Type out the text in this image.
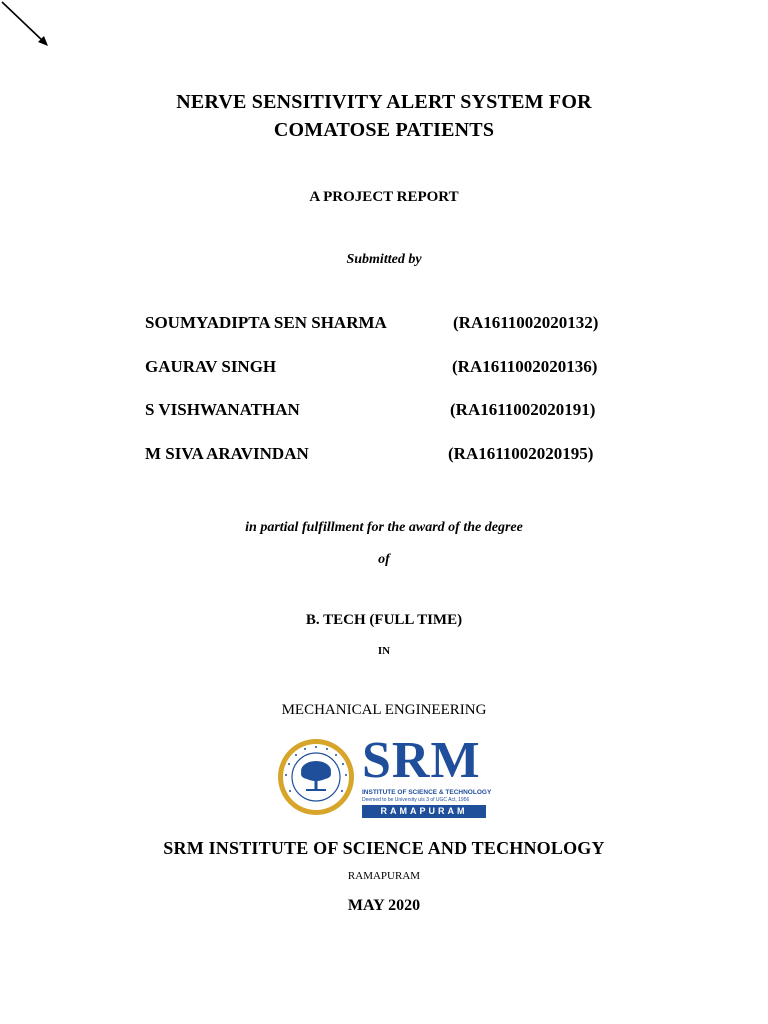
NERVE SENSITIVITY ALERT SYSTEM FOR
COMATOSE PATIENTS
A PROJECT REPORT
Submitted by
SOUMYADIPTA SEN SHARMA	(RA1611002020132)
GAURAV SINGH	(RA1611002020136)
S VISHWANATHAN	(RA1611002020191)
M SIVA ARAVINDAN	(RA1611002020195)
in partial fulfillment for the award of the degree
of
B. TECH (FULL TIME)
IN
MECHANICAL ENGINEERING
SRM
INSTITUTE OF SCIENCE & TECHNOLOGY
Deemed to be University u/s 3 of UGC Act, 1956
RAMAPURAM
SRM INSTITUTE OF SCIENCE AND TECHNOLOGY
RAMAPURAM
MAY 2020
